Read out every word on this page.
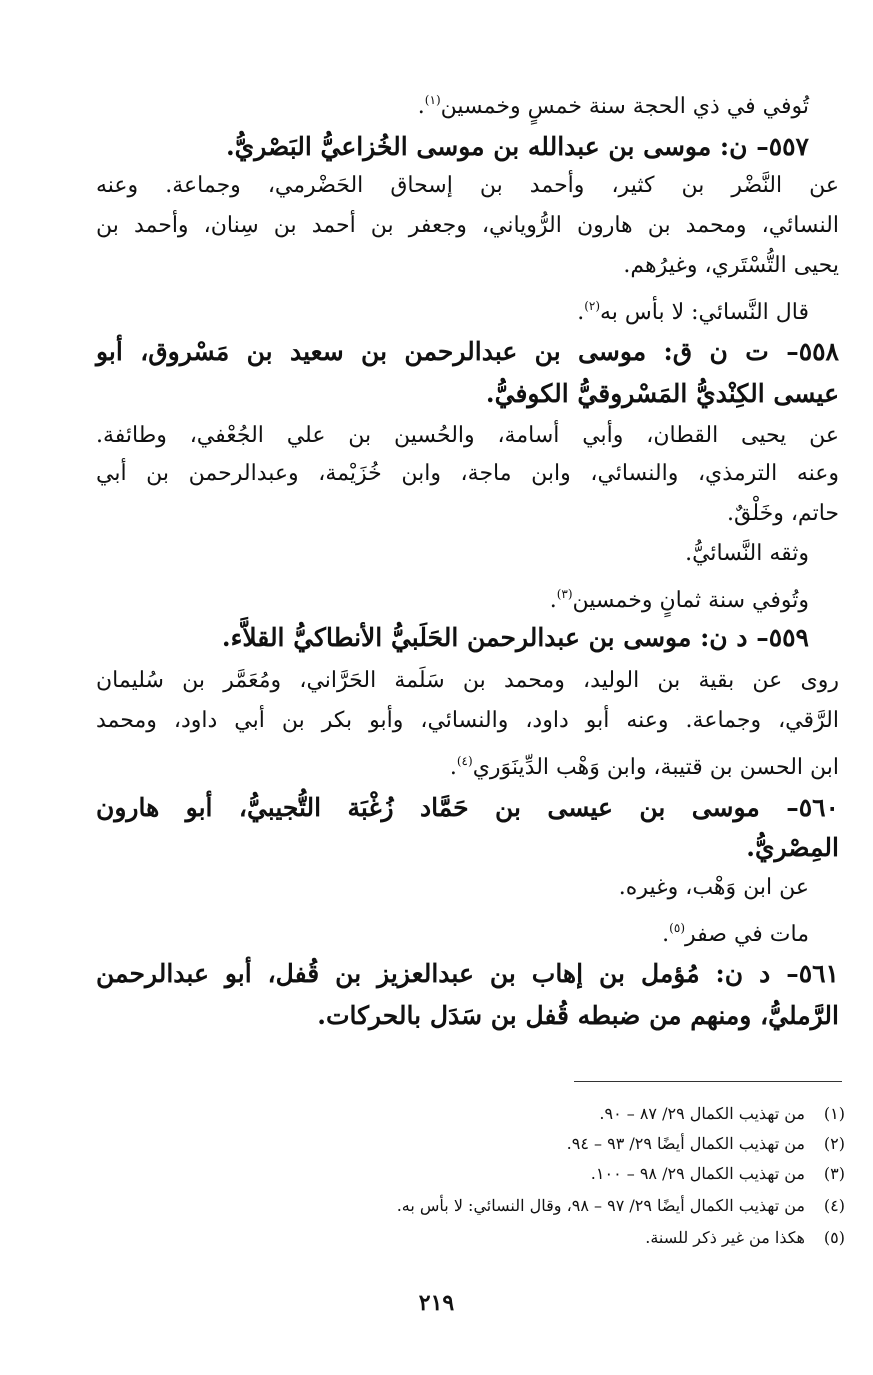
تُوفي في ذي الحجة سنة خمسٍ وخمسين$^{(١)}$.
٥٥٧– ن: موسى بن عبدالله بن موسى الخُزاعيُّ البَصْريُّ.
عن النَّضْر بن كثير، وأحمد بن إسحاق الحَضْرمي، وجماعة. وعنه
النسائي، ومحمد بن هارون الرُّوياني، وجعفر بن أحمد بن سِنان، وأحمد بن
يحيى التُّسْتَري، وغيرُهم.
قال النَّسائي: لا بأس به$^{(٢)}$.
٥٥٨– ت ن ق: موسى بن عبدالرحمن بن سعيد بن مَسْروق، أبو
عيسى الكِنْديُّ المَسْروقيُّ الكوفيُّ.
عن يحيى القطان، وأبي أسامة، والحُسين بن علي الجُعْفي، وطائفة.
وعنه الترمذي، والنسائي، وابن ماجة، وابن خُزَيْمة، وعبدالرحمن بن أبي
حاتم، وخَلْقٌ.
وثقه النَّسائيُّ.
وتُوفي سنة ثمانٍ وخمسين$^{(٣)}$.
٥٥٩– د ن: موسى بن عبدالرحمن الحَلَبيُّ الأنطاكيُّ القلاَّء.
روى عن بقية بن الوليد، ومحمد بن سَلَمة الحَرَّاني، ومُعَمَّر بن سُليمان
الرَّقي، وجماعة. وعنه أبو داود، والنسائي، وأبو بكر بن أبي داود، ومحمد
ابن الحسن بن قتيبة، وابن وَهْب الدِّينَوَري$^{(٤)}$.
٥٦٠– موسى بن عيسى بن حَمَّاد زُغْبَة التُّجيبيُّ، أبو هارون
المِصْريُّ.
عن ابن وَهْب، وغيره.
مات في صفر$^{(٥)}$.
٥٦١– د ن: مُؤمل بن إهاب بن عبدالعزيز بن قُفل، أبو عبدالرحمن
الرَّمليُّ، ومنهم من ضبطه قُفل بن سَدَل بالحركات.
(١)من تهذيب الكمال ٢٩/ ٨٧ – ٩٠.
(٢)من تهذيب الكمال أيضًا ٢٩/ ٩٣ – ٩٤.
(٣)من تهذيب الكمال ٢٩/ ٩٨ – ١٠٠.
(٤)من تهذيب الكمال أيضًا ٢٩/ ٩٧ – ٩٨، وقال النسائي: لا بأس به.
(٥)هكذا من غير ذكر للسنة.
٢١٩
